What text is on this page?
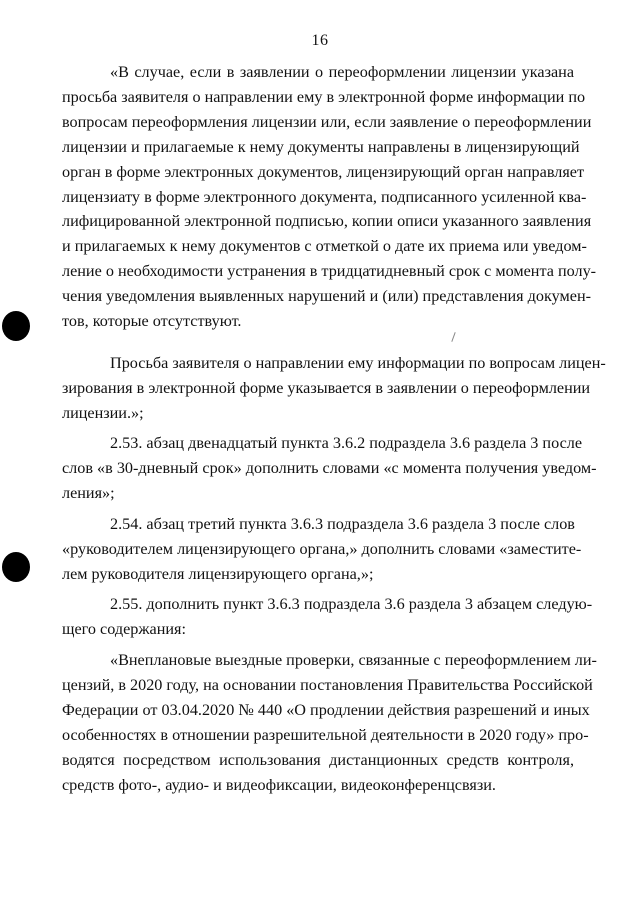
16
«В случае, если в заявлении о переоформлении лицензии указана
просьба заявителя о направлении ему в электронной форме информации по
вопросам переоформления лицензии или, если заявление о переоформлении
лицензии и прилагаемые к нему документы направлены в лицензирующий
орган в форме электронных документов, лицензирующий орган направляет
лицензиату в форме электронного документа, подписанного усиленной ква-
лифицированной электронной подписью, копии описи указанного заявления
и прилагаемых к нему документов с отметкой о дате их приема или уведом-
ление о необходимости устранения в тридцатидневный срок с момента полу-
чения уведомления выявленных нарушений и (или) представления докумен-
тов, которые отсутствуют.
Просьба заявителя о направлении ему информации по вопросам лицен-
зирования в электронной форме указывается в заявлении о переоформлении
лицензии.»;
2.53. абзац двенадцатый пункта 3.6.2 подраздела 3.6 раздела 3 после
слов «в 30-дневный срок» дополнить словами «с момента получения уведом-
ления»;
2.54. абзац третий пункта 3.6.3 подраздела 3.6 раздела 3 после слов
«руководителем лицензирующего органа,» дополнить словами «заместите-
лем руководителя лицензирующего органа,»;
2.55. дополнить пункт 3.6.3 подраздела 3.6 раздела 3 абзацем следую-
щего содержания:
«Внеплановые выездные проверки, связанные с переоформлением ли-
цензий, в 2020 году, на основании постановления Правительства Российской
Федерации от 03.04.2020 № 440 «О продлении действия разрешений и иных
особенностях в отношении разрешительной деятельности в 2020 году» про-
водятся посредством использования дистанционных средств контроля,
средств фото-, аудио- и видеофиксации, видеоконференцсвязи.
